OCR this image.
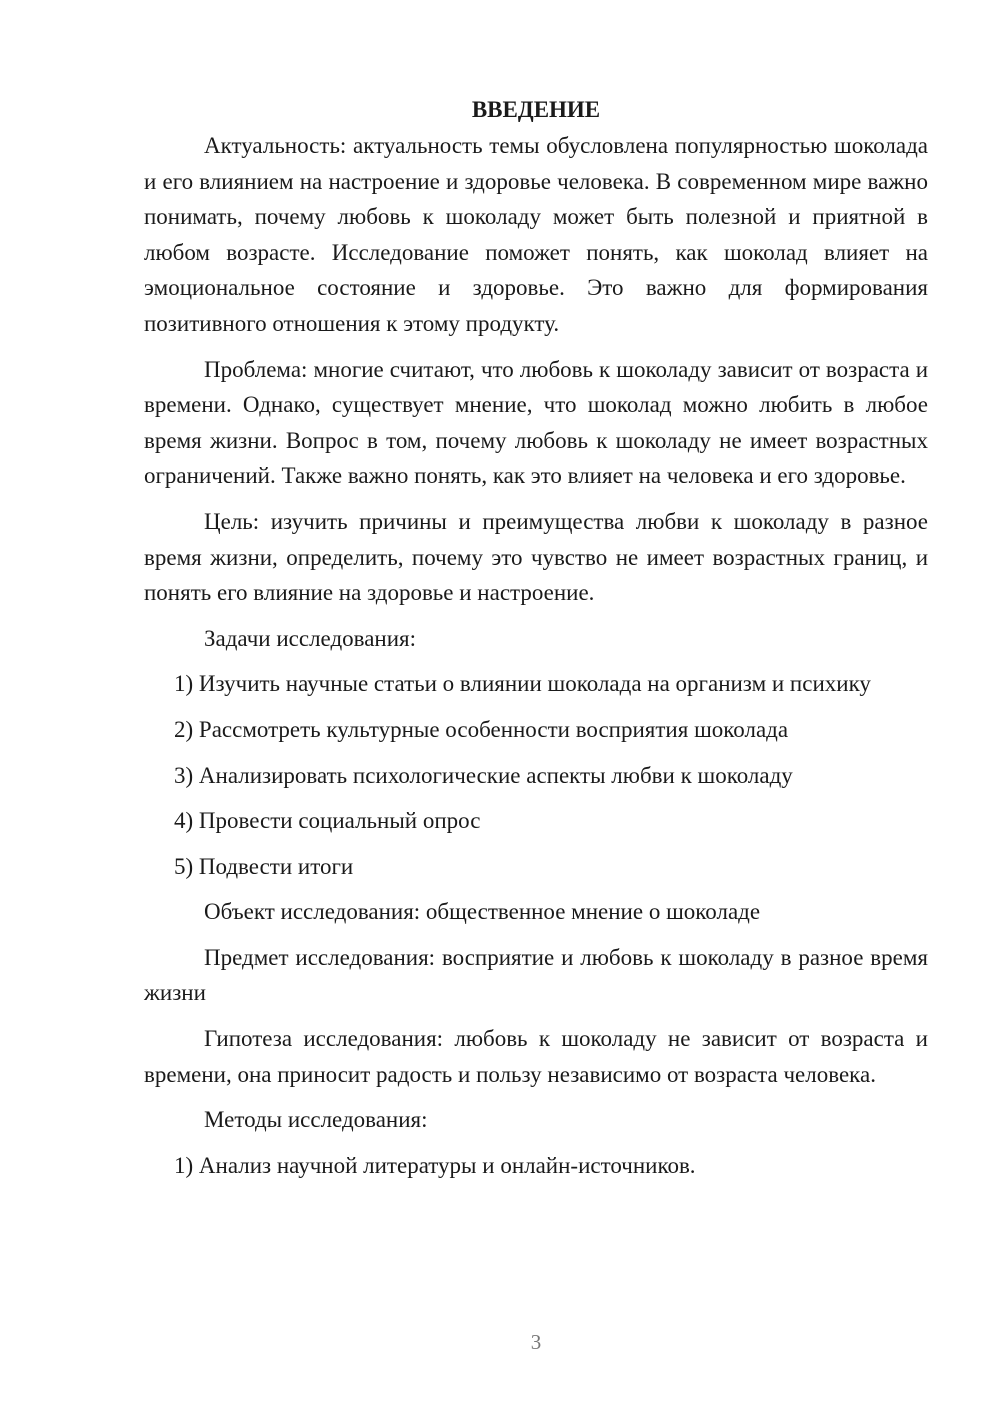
ВВЕДЕНИЕ

Актуальность: актуальность темы обусловлена популярностью шоколада и его влиянием на настроение и здоровье человека. В современном мире важно понимать, почему любовь к шоколаду может быть полезной и приятной в любом возрасте. Исследование поможет понять, как шоколад влияет на эмоциональное состояние и здоровье. Это важно для формирования позитивного отношения к этому продукту.

Проблема: многие считают, что любовь к шоколаду зависит от возраста и времени. Однако, существует мнение, что шоколад можно любить в любое время жизни. Вопрос в том, почему любовь к шоколаду не имеет возрастных ограничений. Также важно понять, как это влияет на человека и его здоровье.

Цель: изучить причины и преимущества любви к шоколаду в разное время жизни, определить, почему это чувство не имеет возрастных границ, и понять его влияние на здоровье и настроение.

Задачи исследования:

1) Изучить научные статьи о влиянии шоколада на организм и психику

2) Рассмотреть культурные особенности восприятия шоколада

3) Анализировать психологические аспекты любви к шоколаду

4) Провести социальный опрос

5) Подвести итоги

Объект исследования: общественное мнение о шоколаде

Предмет исследования: восприятие и любовь к шоколаду в разное время жизни

Гипотеза исследования: любовь к шоколаду не зависит от возраста и времени, она приносит радость и пользу независимо от возраста человека.

Методы исследования:

1) Анализ научной литературы и онлайн-источников.

3
